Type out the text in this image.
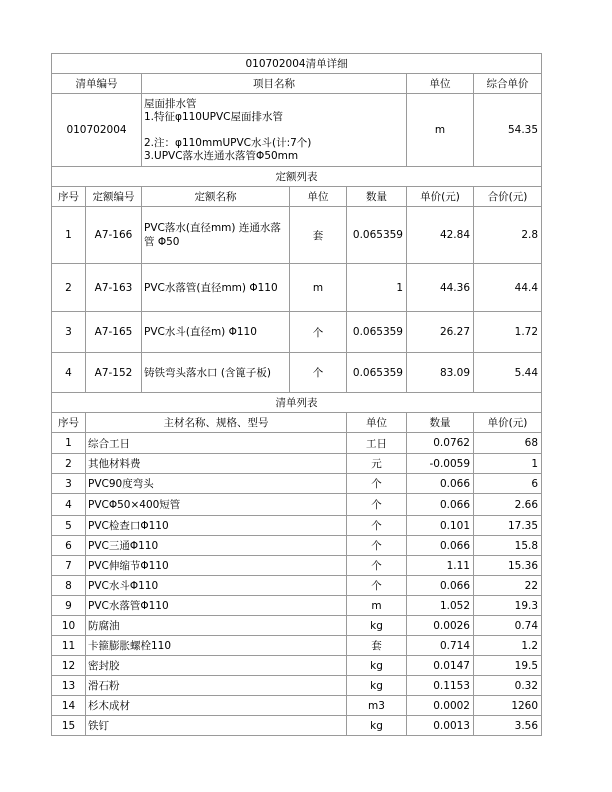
010702004清单详细							
清单编号		项目名称			单位	综合单价	
010702004		屋面排水管
1.特征φ110UPVC屋面排水管
2.注：φ110mmUPVC水斗(计:7个)
3.UPVC落水连通水落管Φ50mm			m	54.35	
定额列表							
序号	定额编号	定额名称	单位	数量	单价(元)	合价(元)	
1	A7-166	PVC落水(直径mm) 连通水落管 Φ50	套	0.065359	42.84	2.8	
2	A7-163	PVC水落管(直径mm) Φ110	m	1	44.36	44.4	
3	A7-165	PVC水斗(直径m) Φ110	个	0.065359	26.27	1.72	
4	A7-152	铸铁弯头落水口 (含篦子板)	个	0.065359	83.09	5.44	
清单列表							
序号	主材名称、规格、型号			单位	数量	单价(元)	
1	综合工日			工日	0.0762	68	
2	其他材料费			元	-0.0059	1	
3	PVC90度弯头			个	0.066	6	
4	PVCΦ50×400短管			个	0.066	2.66	
5	PVC检查口Φ110			个	0.101	17.35	
6	PVC三通Φ110			个	0.066	15.8	
7	PVC伸缩节Φ110			个	1.11	15.36	
8	PVC水斗Φ110			个	0.066	22	
9	PVC水落管Φ110			m	1.052	19.3	
10	防腐油			kg	0.0026	0.74	
11	卡箍膨胀螺栓110			套	0.714	1.2	
12	密封胶			kg	0.0147	19.5	
13	滑石粉			kg	0.1153	0.32	
14	杉木成材			m3	0.0002	1260	
15	铁钉			kg	0.0013	3.56	
